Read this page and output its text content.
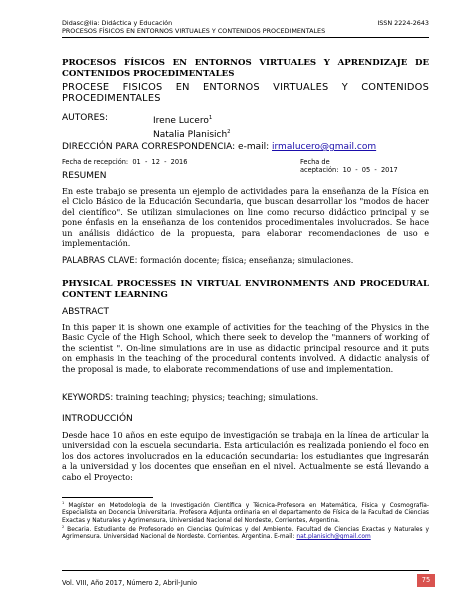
Didasc@lia: Didáctica y Educación	ISSN 2224-2643
PROCESOS FÍSICOS EN ENTORNOS VIRTUALES Y CONTENIDOS PROCEDIMENTALES
PROCESOS FÍSICOS EN ENTORNOS VIRTUALES Y APRENDIZAJE DE CONTENIDOS PROCEDIMENTALES
PROCESE FISICOS EN ENTORNOS VIRTUALES Y CONTENIDOS PROCEDIMENTALES
AUTORES:	Irene Lucero$^1$
Natalia Planisich$^2$
DIRECCIÓN PARA CORRESPONDENCIA: e-mail: irmalucero@gmail.com
Fecha de recepción: 01  -  12  -  2016	Fecha de aceptación: 10  -  05  -  2017
RESUMEN
En este trabajo se presenta un ejemplo de actividades para la enseñanza de la Física en el Ciclo Básico de la Educación Secundaria, que buscan desarrollar los "modos de hacer del científico". Se utilizan simulaciones on line como recurso didáctico principal y se pone énfasis en la enseñanza de los contenidos procedimentales involucrados. Se hace un análisis didáctico de la propuesta, para elaborar recomendaciones de uso e implementación.
PALABRAS CLAVE: formación docente; física; enseñanza; simulaciones.
PHYSICAL PROCESSES IN VIRTUAL ENVIRONMENTS AND PROCEDURAL CONTENT LEARNING
ABSTRACT
In this paper it is shown one example of activities for the teaching of the Physics in the Basic Cycle of the High School, which there seek to develop the "manners of working of the scientist ". On-line simulations are in use as didactic principal resource and it puts on emphasis in the teaching of the procedural contents involved. A didactic analysis of the proposal is made, to elaborate recommendations of use and implementation.
KEYWORDS: training teaching; physics; teaching; simulations.
INTRODUCCIÓN
Desde hace 10 años en este equipo de investigación se trabaja en la línea de articular la universidad con la escuela secundaria. Esta articulación es realizada poniendo el foco en los dos actores involucrados en la educación secundaria: los estudiantes que ingresarán a la universidad y los docentes que enseñan en el nivel. Actualmente se está llevando a cabo el Proyecto:
$^1$ Magíster en Metodología de la Investigación Científica y Técnica-Profesora en Matemática, Física y Cosmografía-Especialista en Docencia Universitaria. Profesora Adjunta ordinaria en el departamento de Física de la Facultad de Ciencias Exactas y Naturales y Agrimensura, Universidad Nacional del Nordeste, Corrientes, Argentina.
$^2$ Becaria. Estudiante de Profesorado en Ciencias Químicas y del Ambiente. Facultad de Ciencias Exactas y Naturales y Agrimensura. Universidad Nacional de Nordeste. Corrientes. Argentina. E-mail: nat.planisich@gmail.com
Vol. VIII, Año 2017, Número 2, Abril-Junio	75
